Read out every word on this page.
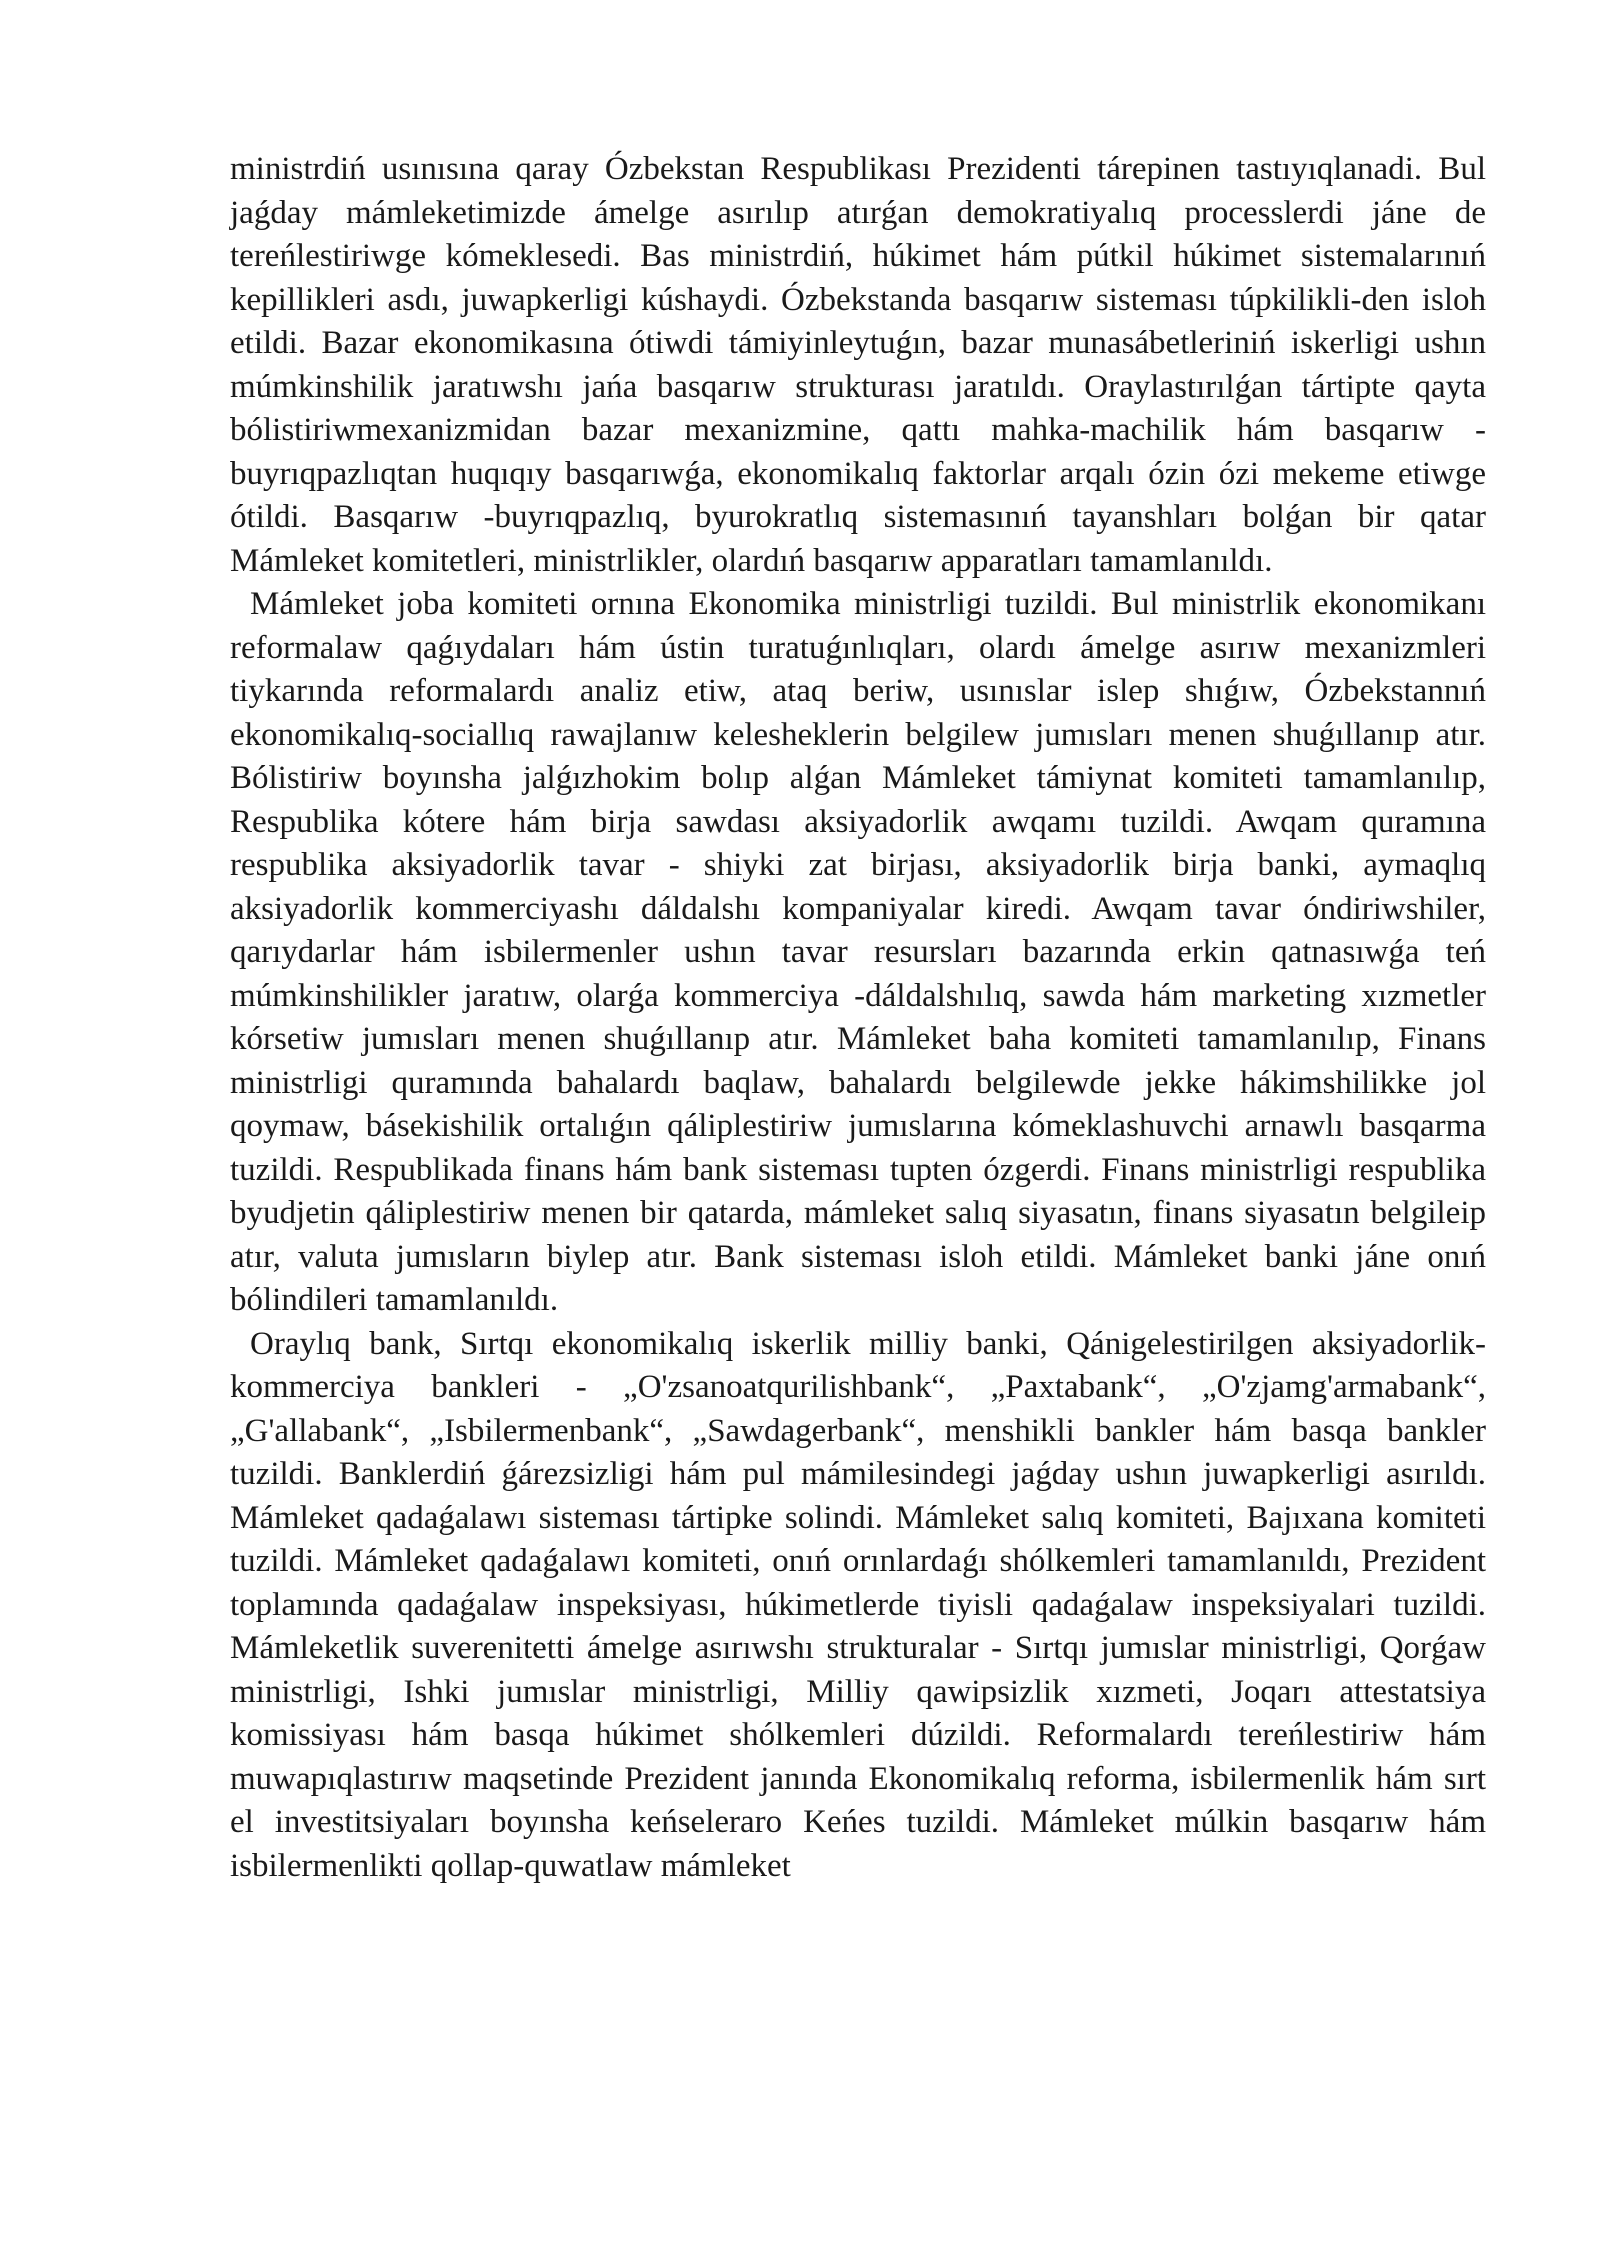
ministrdiń usınısına qaray Ózbekstan Respublikası Prezidenti tárepinen tastıyıqlanadi. Bul jaǵday mámleketimizde ámelge asırılıp atırǵan demokratiyalıq processlerdi jáne de tereńlestiriwge kómeklesedi. Bas ministrdiń, húkimet hám pútkil húkimet sistemalarınıń kepillikleri asdı, juwapkerligi kúshaydi. Ózbekstanda basqarıw sisteması túpkilikli-den isloh etildi. Bazar ekonomikasına ótiwdi támiyinleytuǵın, bazar munasábetleriniń iskerligi ushın múmkinshilik jaratıwshı jańa basqarıw strukturası jaratıldı. Oraylastırılǵan tártipte qayta bólistiriwmexanizmidan bazar mexanizmine, qattı mahka-machilik hám basqarıw - buyrıqpazlıqtan huqıqıy basqarıwǵa, ekonomikalıq faktorlar arqalı ózin ózi mekeme etiwge ótildi. Basqarıw -buyrıqpazlıq, byurokratlıq sistemasınıń tayanshları bolǵan bir qatar Mámleket komitetleri, ministrlikler, olardıń basqarıw apparatları tamamlanıldı.

Mámleket joba komiteti ornına Ekonomika ministrligi tuzildi. Bul ministrlik ekonomikanı reformalaw qaǵıydaları hám ústin turatuǵınlıqları, olardı ámelge asırıw mexanizmleri tiykarında reformalardı analiz etiw, ataq beriw, usınıslar islep shıǵıw, Ózbekstannıń ekonomikalıq-sociallıq rawajlanıw kelesheklerin belgilew jumısları menen shuǵıllanıp atır. Bólistiriw boyınsha jalǵızhokim bolıp alǵan Mámleket támiynat komiteti tamamlanılıp, Respublika kótere hám birja sawdası aksiyadorlik awqamı tuzildi. Awqam quramına respublika aksiyadorlik tavar - shiyki zat birjası, aksiyadorlik birja banki, aymaqlıq aksiyadorlik kommerciyashı dáldalshı kompaniyalar kiredi. Awqam tavar óndiriwshiler, qarıydarlar hám isbilermenler ushın tavar resursları bazarında erkin qatnasıwǵa teń múmkinshilikler jaratıw, olarǵa kommerciya -dáldalshılıq, sawda hám marketing xızmetler kórsetiw jumısları menen shuǵıllanıp atır. Mámleket baha komiteti tamamlanılıp, Finans ministrligi quramında bahalardı baqlaw, bahalardı belgilewde jekke hákimshilikke jol qoymaw, básekishilik ortalıǵın qáliplestiriw jumıslarına kómeklashuvchi arnawlı basqarma tuzildi. Respublikada finans hám bank sisteması tupten ózgerdi. Finans ministrligi respublika byudjetin qáliplestiriw menen bir qatarda, mámleket salıq siyasatın, finans siyasatın belgileip atır, valuta jumısların biylep atır. Bank sisteması isloh etildi. Mámleket banki jáne onıń bólindileri tamamlanıldı.

Oraylıq bank, Sırtqı ekonomikalıq iskerlik milliy banki, Qánigelestirilgen aksiyadorlik-kommerciya bankleri - „O'zsanoatqurilishbank“, „Paxtabank“, „O'zjamg'armabank“, „G'allabank“, „Isbilermenbank“, „Sawdagerbank“, menshikli bankler hám basqa bankler tuzildi. Banklerdiń ǵárezsizligi hám pul mámilesindegi jaǵday ushın juwapkerligi asırıldı. Mámleket qadaǵalawı sisteması tártipke solindi. Mámleket salıq komiteti, Bajıxana komiteti tuzildi. Mámleket qadaǵalawı komiteti, onıń orınlardaǵı shólkemleri tamamlanıldı, Prezident toplamında qadaǵalaw inspeksiyası, húkimetlerde tiyisli qadaǵalaw inspeksiyalari tuzildi. Mámleketlik suverenitetti ámelge asırıwshı strukturalar - Sırtqı jumıslar ministrligi, Qorǵaw ministrligi, Ishki jumıslar ministrligi, Milliy qawipsizlik xızmeti, Joqarı attestatsiya komissiyası hám basqa húkimet shólkemleri dúzildi. Reformalardı tereńlestiriw hám muwapıqlastırıw maqsetinde Prezident janında Ekonomikalıq reforma, isbilermenlik hám sırt el investitsiyaları boyınsha keńseleraro Keńes tuzildi. Mámleket múlkin basqarıw hám isbilermenlikti qollap-quwatlaw mámleket
